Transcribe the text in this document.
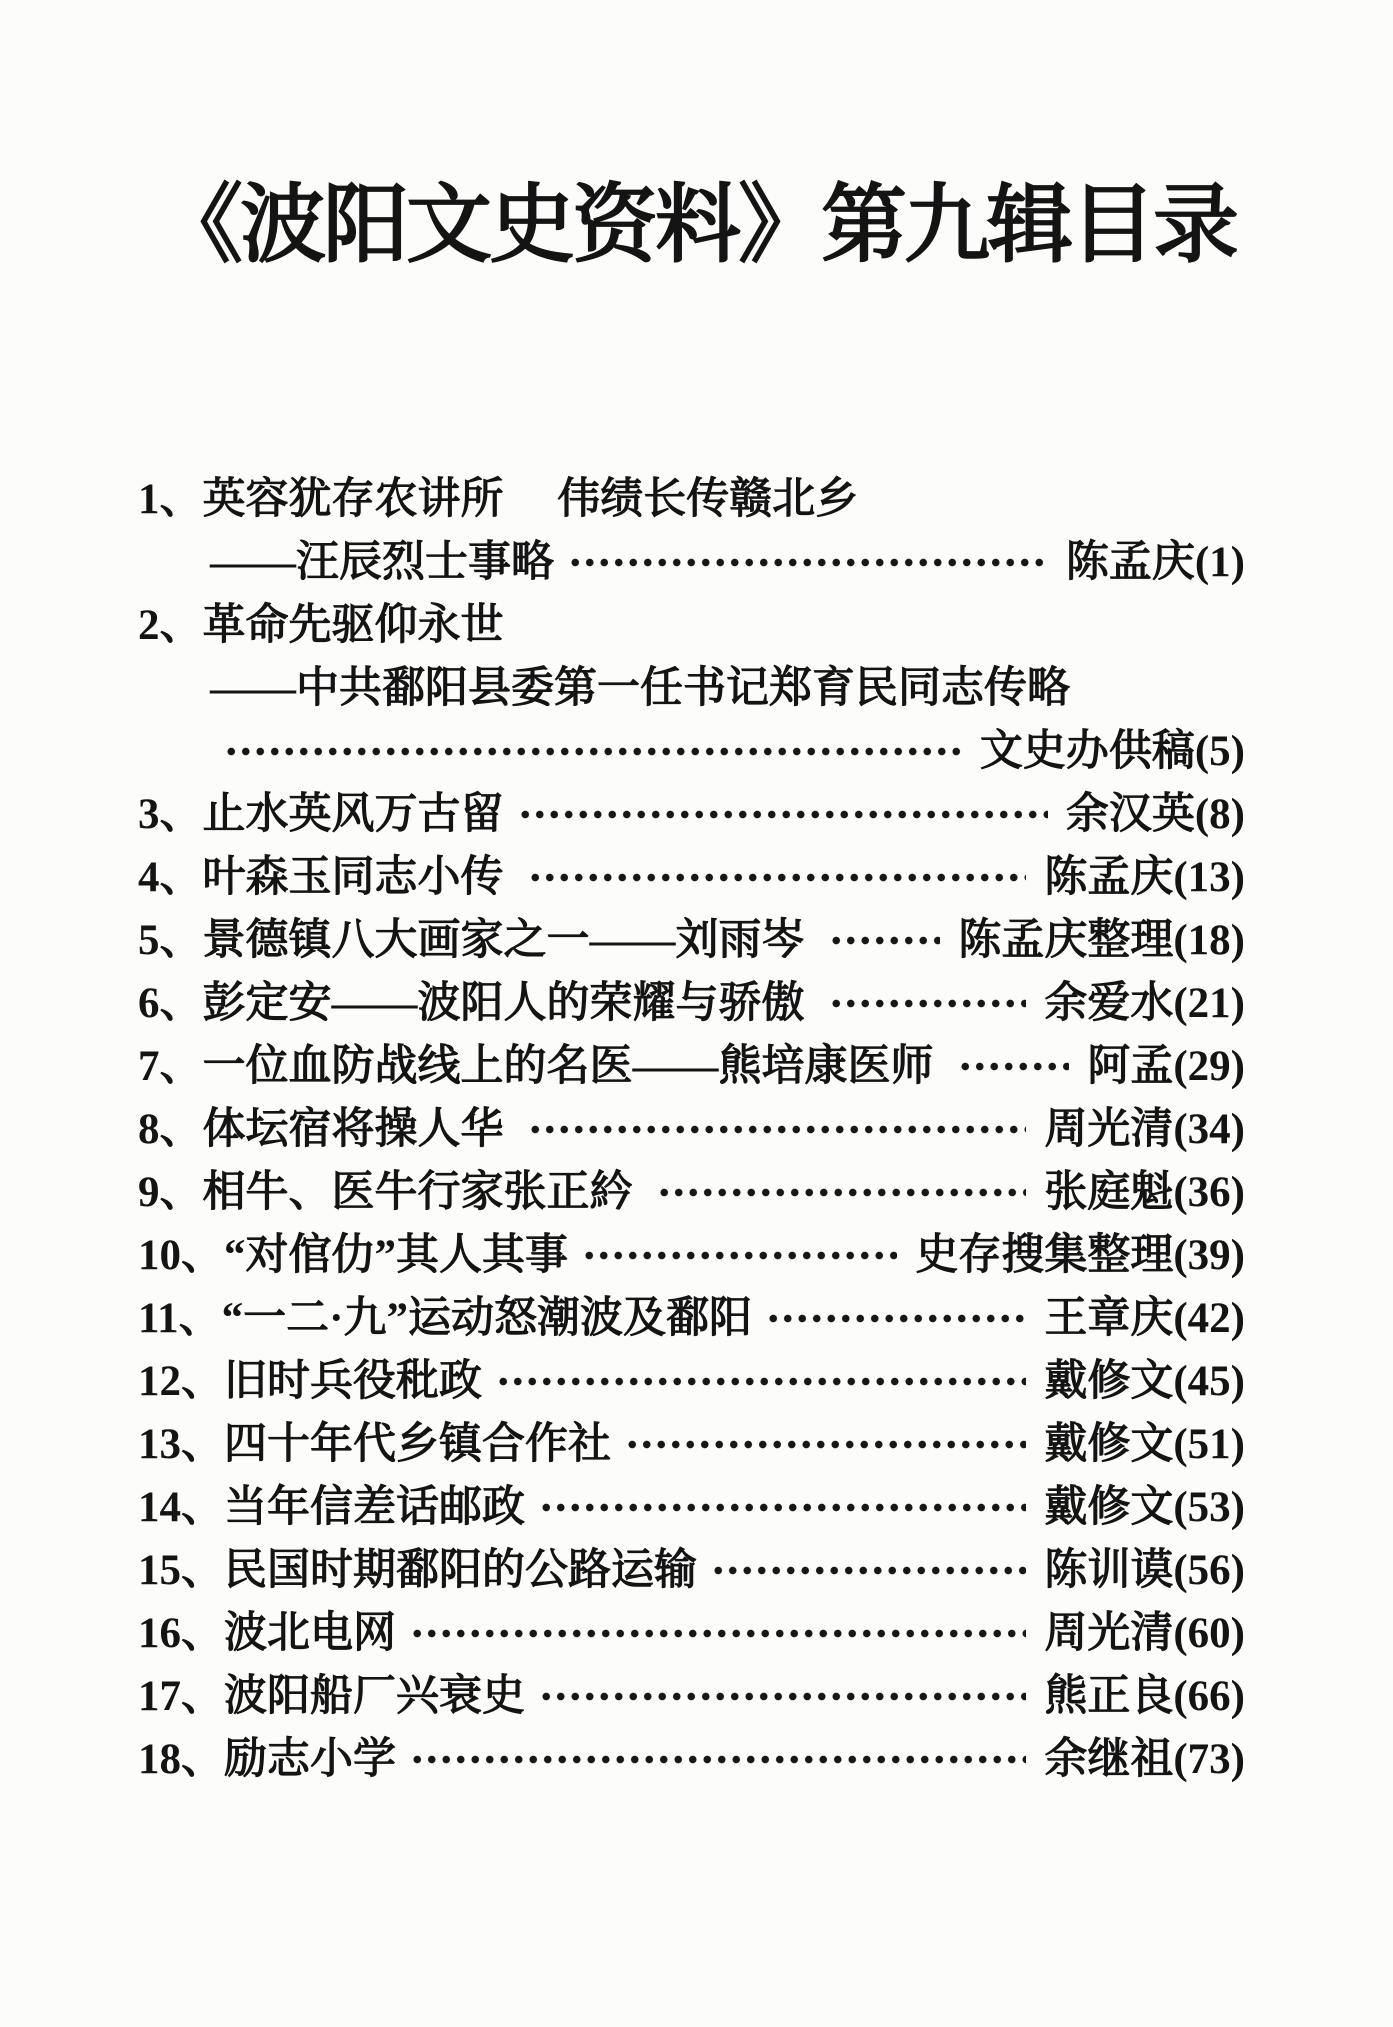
《波阳文史资料》第九辑目录
1、英容犹存农讲所　 伟绩长传赣北乡
——汪辰烈士事略	陈孟庆(1)
2、革命先驱仰永世
——中共鄱阳县委第一任书记郑育民同志传略
文史办供稿(5)
3、止水英风万古留	余汉英(8)
4、叶森玉同志小传	陈孟庆(13)
5、景德镇八大画家之一——刘雨岑	陈孟庆整理(18)
6、彭定安——波阳人的荣耀与骄傲	余爱水(21)
7、一位血防战线上的名医——熊培康医师	阿孟(29)
8、体坛宿将操人华	周光清(34)
9、相牛、医牛行家张正紟	张庭魁(36)
10、“对倌仂”其人其事	史存搜集整理(39)
11、“一二·九”运动怒潮波及鄱阳	王章庆(42)
12、旧时兵役秕政	戴修文(45)
13、四十年代乡镇合作社	戴修文(51)
14、当年信差话邮政	戴修文(53)
15、民国时期鄱阳的公路运输	陈训谟(56)
16、波北电网	周光清(60)
17、波阳船厂兴衰史	熊正良(66)
18、励志小学	余继祖(73)
